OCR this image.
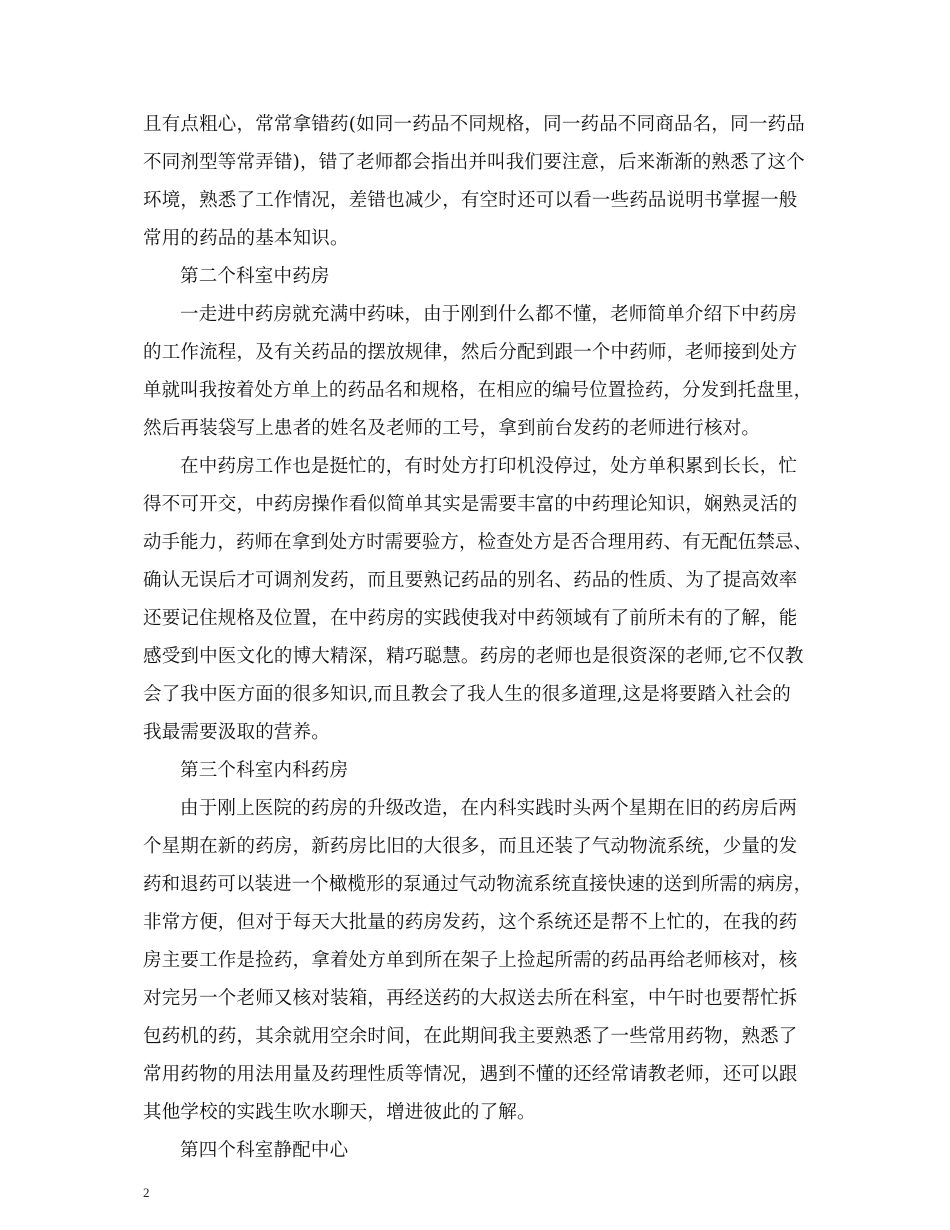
且有点粗心，常常拿错药(如同一药品不同规格，同一药品不同商品名，同一药品
不同剂型等常弄错)，错了老师都会指出并叫我们要注意，后来渐渐的熟悉了这个
环境，熟悉了工作情况，差错也减少，有空时还可以看一些药品说明书掌握一般
常用的药品的基本知识。
第二个科室中药房
一走进中药房就充满中药味，由于刚到什么都不懂，老师简单介绍下中药房
的工作流程，及有关药品的摆放规律，然后分配到跟一个中药师，老师接到处方
单就叫我按着处方单上的药品名和规格，在相应的编号位置捡药，分发到托盘里，
然后再装袋写上患者的姓名及老师的工号，拿到前台发药的老师进行核对。
在中药房工作也是挺忙的，有时处方打印机没停过，处方单积累到长长，忙
得不可开交，中药房操作看似简单其实是需要丰富的中药理论知识，娴熟灵活的
动手能力，药师在拿到处方时需要验方，检查处方是否合理用药、有无配伍禁忌、
确认无误后才可调剂发药，而且要熟记药品的别名、药品的性质、为了提高效率
还要记住规格及位置，在中药房的实践使我对中药领域有了前所未有的了解，能
感受到中医文化的博大精深，精巧聪慧。药房的老师也是很资深的老师,它不仅教
会了我中医方面的很多知识,而且教会了我人生的很多道理,这是将要踏入社会的
我最需要汲取的营养。
第三个科室内科药房
由于刚上医院的药房的升级改造，在内科实践时头两个星期在旧的药房后两
个星期在新的药房，新药房比旧的大很多，而且还装了气动物流系统，少量的发
药和退药可以装进一个橄榄形的泵通过气动物流系统直接快速的送到所需的病房，
非常方便，但对于每天大批量的药房发药，这个系统还是帮不上忙的，在我的药
房主要工作是捡药，拿着处方单到所在架子上捡起所需的药品再给老师核对，核
对完另一个老师又核对装箱，再经送药的大叔送去所在科室，中午时也要帮忙拆
包药机的药，其余就用空余时间，在此期间我主要熟悉了一些常用药物，熟悉了
常用药物的用法用量及药理性质等情况，遇到不懂的还经常请教老师，还可以跟
其他学校的实践生吹水聊天，增进彼此的了解。
第四个科室静配中心
2
